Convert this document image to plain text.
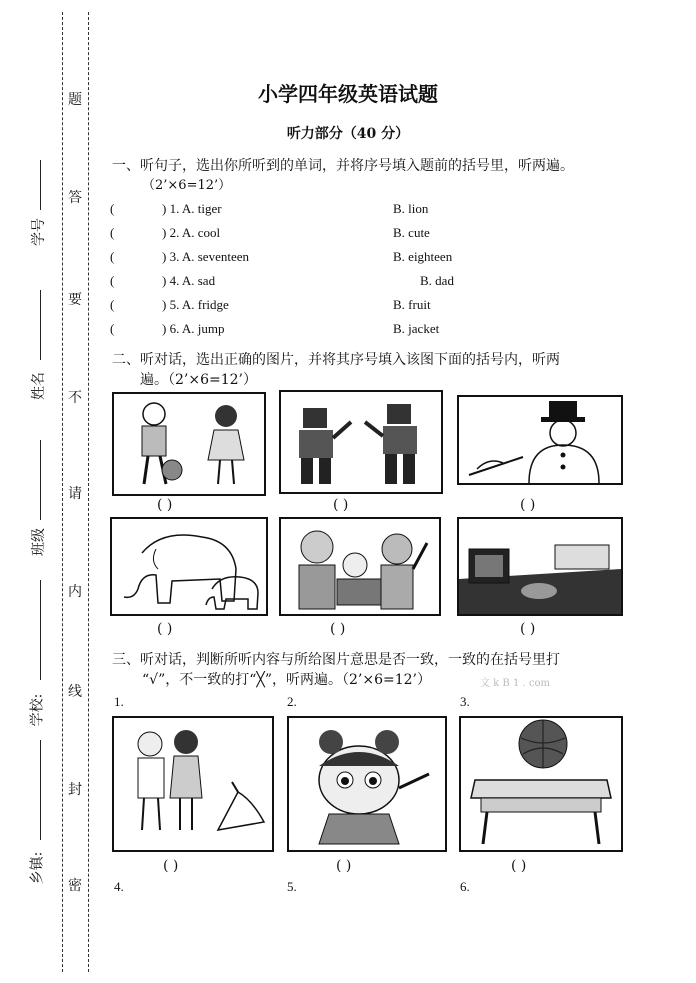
题
答
要
不
请
内
线
封
密
学号
姓名
班级
学校:
乡镇:
小学四年级英语试题
听力部分（40 分）
一、听句子，选出你所听到的单词，并将序号填入题前的括号里，听两遍。
（2’×6=12’）
(	) 1. A. tiger	B. lion
(	) 2. A. cool	B. cute
(	) 3. A. seventeen	B. eighteen
(	) 4. A. sad	B. dad
(	) 5. A. fridge	B. fruit
(	) 6. A. jump	B. jacket
二、听对话，选出正确的图片，并将其序号填入该图下面的括号内，听两
遍。（2’×6=12’）
( )	( )	( )
( )	( )	( )
三、听对话，判断所听内容与所给图片意思是否一致，一致的在括号里打
“√”，不一致的打“╳”，听两遍。（2’×6=12’）	文 k B 1 . com
1.	2.	3.
( )	( )	( )
4.	5.	6.
